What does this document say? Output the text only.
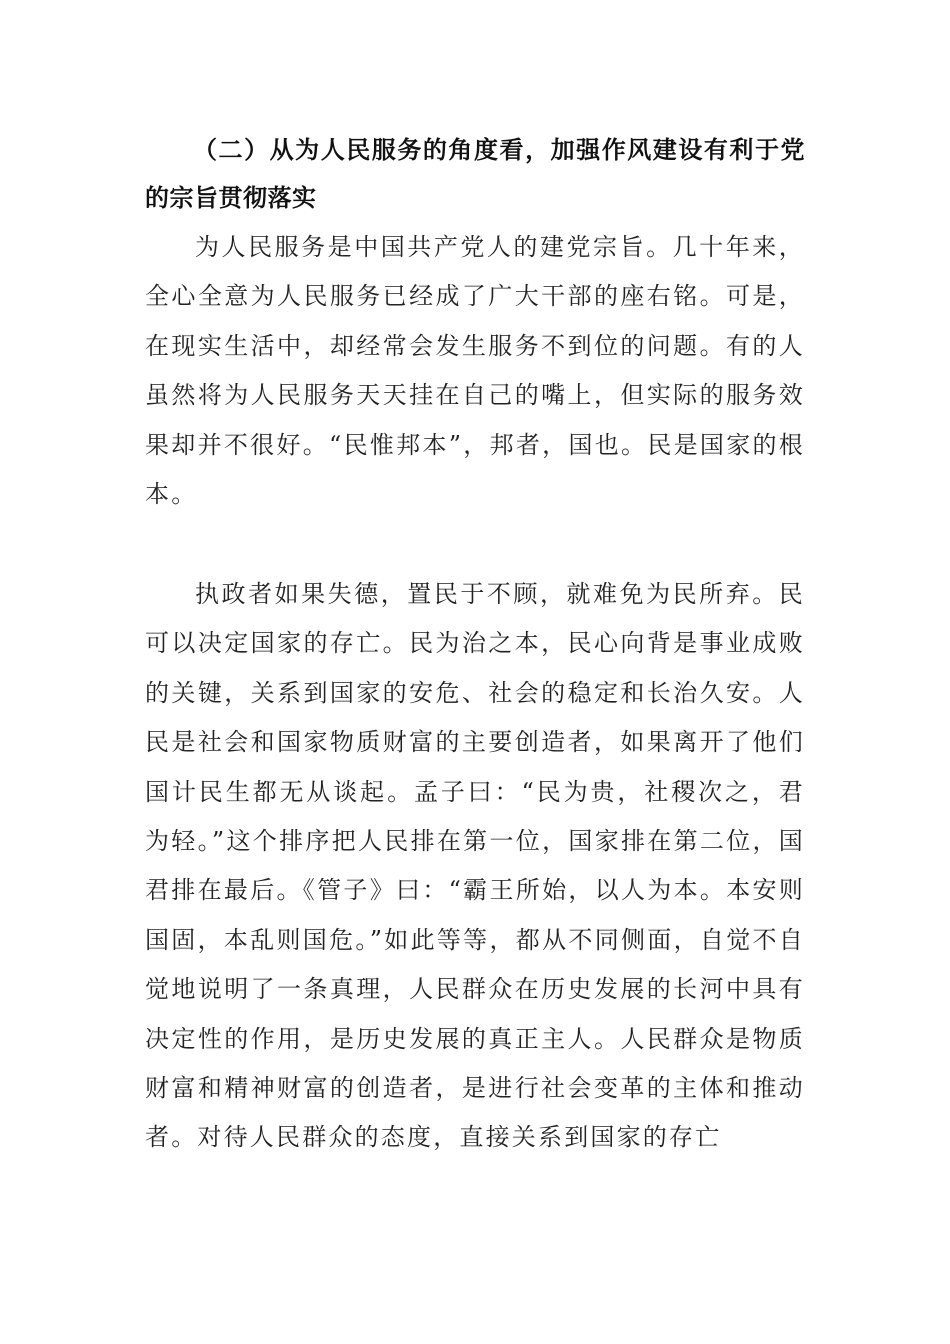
（二）从为人民服务的角度看，加强作风建设有利于党的宗旨贯彻落实

为人民服务是中国共产党人的建党宗旨。几十年来，全心全意为人民服务已经成了广大干部的座右铭。可是，在现实生活中，却经常会发生服务不到位的问题。有的人虽然将为人民服务天天挂在自己的嘴上，但实际的服务效果却并不很好。“民惟邦本”，邦者，国也。民是国家的根本。

执政者如果失德，置民于不顾，就难免为民所弃。民可以决定国家的存亡。民为治之本，民心向背是事业成败的关键，关系到国家的安危、社会的稳定和长治久安。人民是社会和国家物质财富的主要创造者，如果离开了他们国计民生都无从谈起。孟子曰：“民为贵，社稷次之，君为轻。”这个排序把人民排在第一位，国家排在第二位，国君排在最后。《管子》曰：“霸王所始，以人为本。本安则国固，本乱则国危。”如此等等，都从不同侧面，自觉不自觉地说明了一条真理，人民群众在历史发展的长河中具有决定性的作用，是历史发展的真正主人。人民群众是物质财富和精神财富的创造者，是进行社会变革的主体和推动者。对待人民群众的态度，直接关系到国家的存亡
